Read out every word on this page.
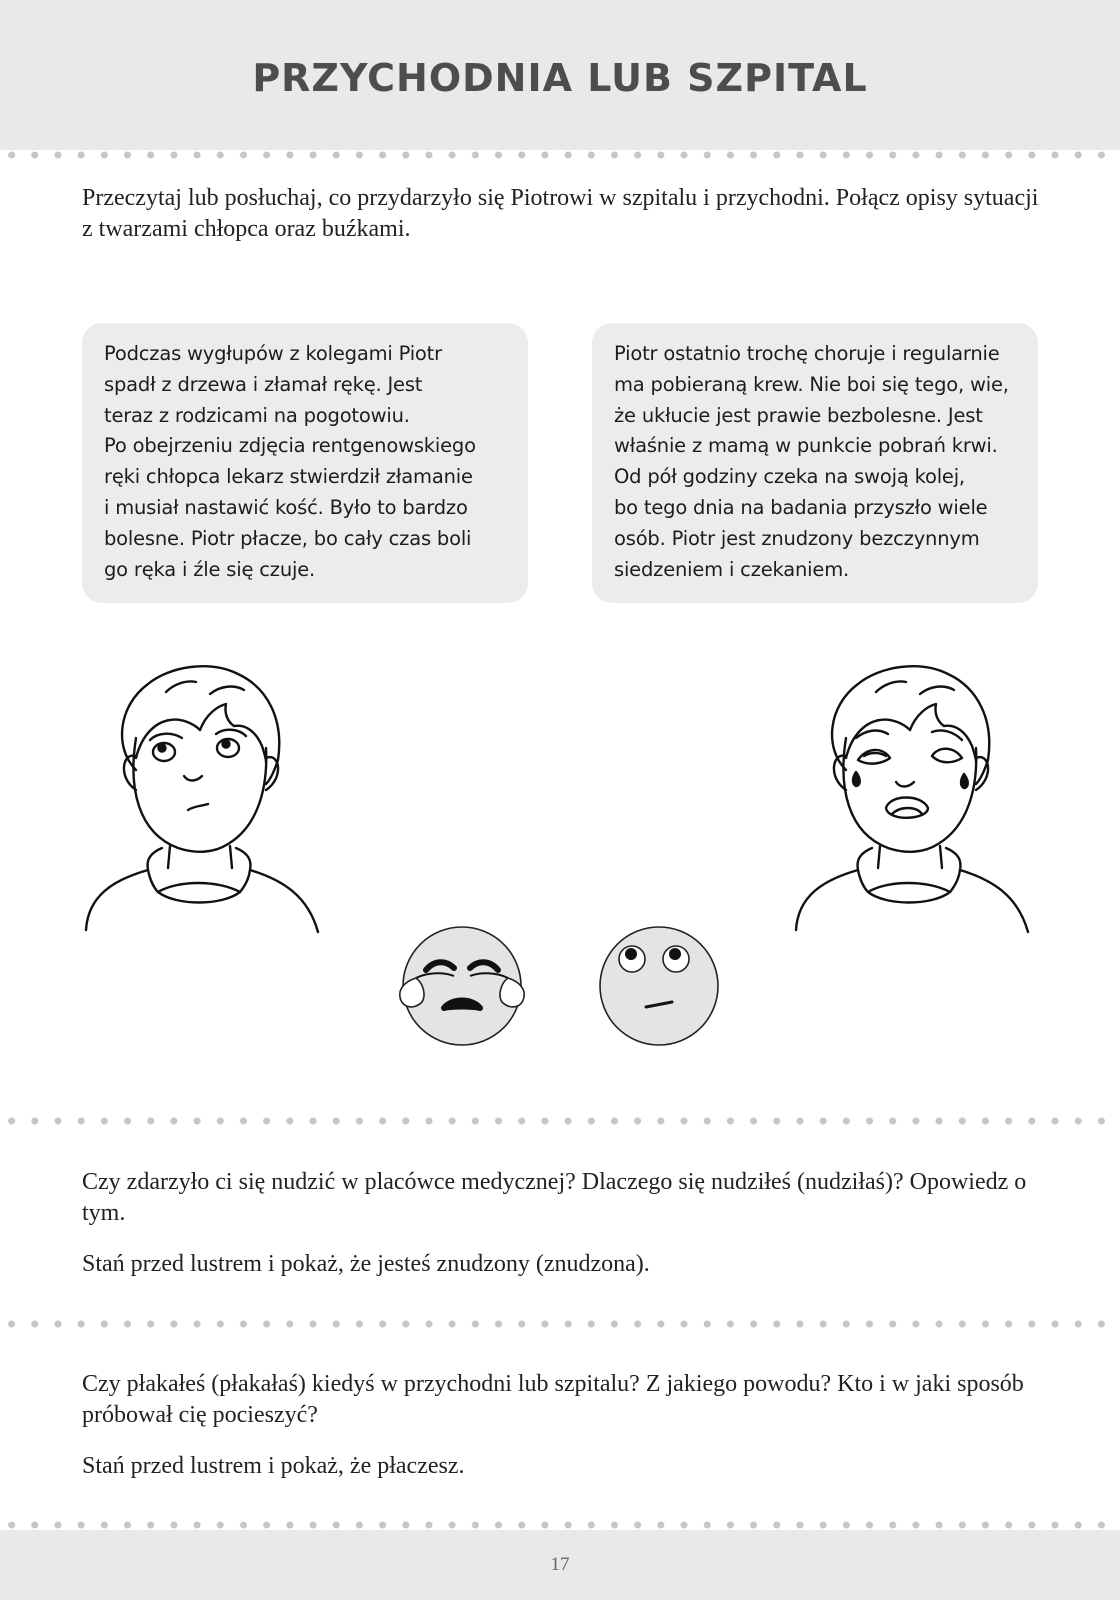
PRZYCHODNIA LUB SZPITAL

Przeczytaj lub posłuchaj, co przydarzyło się Piotrowi w szpitalu i przychodni. Połącz opisy sytuacji z twarzami chłopca oraz buźkami.

Podczas wygłupów z kolegami Piotr

spadł z drzewa i złamał rękę. Jest

teraz z rodzicami na pogotowiu.

Po obejrzeniu zdjęcia rentgenowskiego

ręki chłopca lekarz stwierdził złamanie

i musiał nastawić kość. Było to bardzo

bolesne. Piotr płacze, bo cały czas boli

go ręka i źle się czuje.

Piotr ostatnio trochę choruje i regularnie

ma pobieraną krew. Nie boi się tego, wie,

że ukłucie jest prawie bezbolesne. Jest

właśnie z mamą w punkcie pobrań krwi.

Od pół godziny czeka na swoją kolej,

bo tego dnia na badania przyszło wiele

osób. Piotr jest znudzony bezczynnym

siedzeniem i czekaniem.

Czy zdarzyło ci się nudzić w placówce medycznej? Dlaczego się nudziłeś (nudziłaś)? Opowiedz o tym.

Stań przed lustrem i pokaż, że jesteś znudzony (znudzona).

Czy płakałeś (płakałaś) kiedyś w przychodni lub szpitalu? Z jakiego powodu? Kto i w jaki sposób próbował cię pocieszyć?

Stań przed lustrem i pokaż, że płaczesz.

17
